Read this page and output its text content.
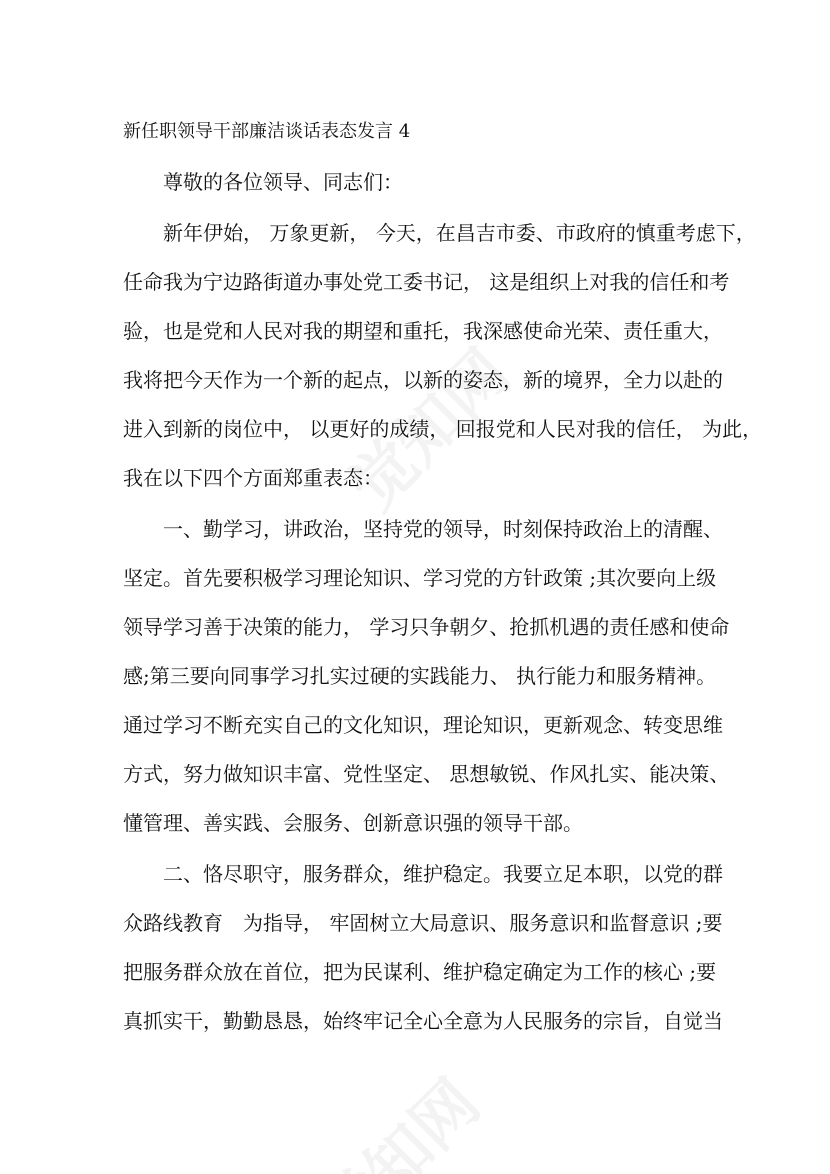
新任职领导干部廉洁谈话表态发言 4
尊敬的各位领导、同志们：
新年伊始， 万象更新， 今天，在昌吉市委、市政府的慎重考虑下，
任命我为宁边路街道办事处党工委书记， 这是组织上对我的信任和考
验，也是党和人民对我的期望和重托，我深感使命光荣、责任重大，
我将把今天作为一个新的起点，以新的姿态，新的境界，全力以赴的
进入到新的岗位中， 以更好的成绩， 回报党和人民对我的信任， 为此，
我在以下四个方面郑重表态：
一、勤学习，讲政治，坚持党的领导，时刻保持政治上的清醒、
坚定。首先要积极学习理论知识、学习党的方针政策 ;其次要向上级
领导学习善于决策的能力， 学习只争朝夕、抢抓机遇的责任感和使命
感;第三要向同事学习扎实过硬的实践能力、 执行能力和服务精神。
通过学习不断充实自己的文化知识，理论知识，更新观念、转变思维
方式，努力做知识丰富、党性坚定、 思想敏锐、作风扎实、能决策、
懂管理、善实践、会服务、创新意识强的领导干部。
二、恪尽职守，服务群众，维护稳定。我要立足本职，以党的群
众路线教育　为指导， 牢固树立大局意识、服务意识和监督意识 ;要
把服务群众放在首位，把为民谋利、维护稳定确定为工作的核心 ;要
真抓实干，勤勤恳恳，始终牢记全心全意为人民服务的宗旨，自觉当
